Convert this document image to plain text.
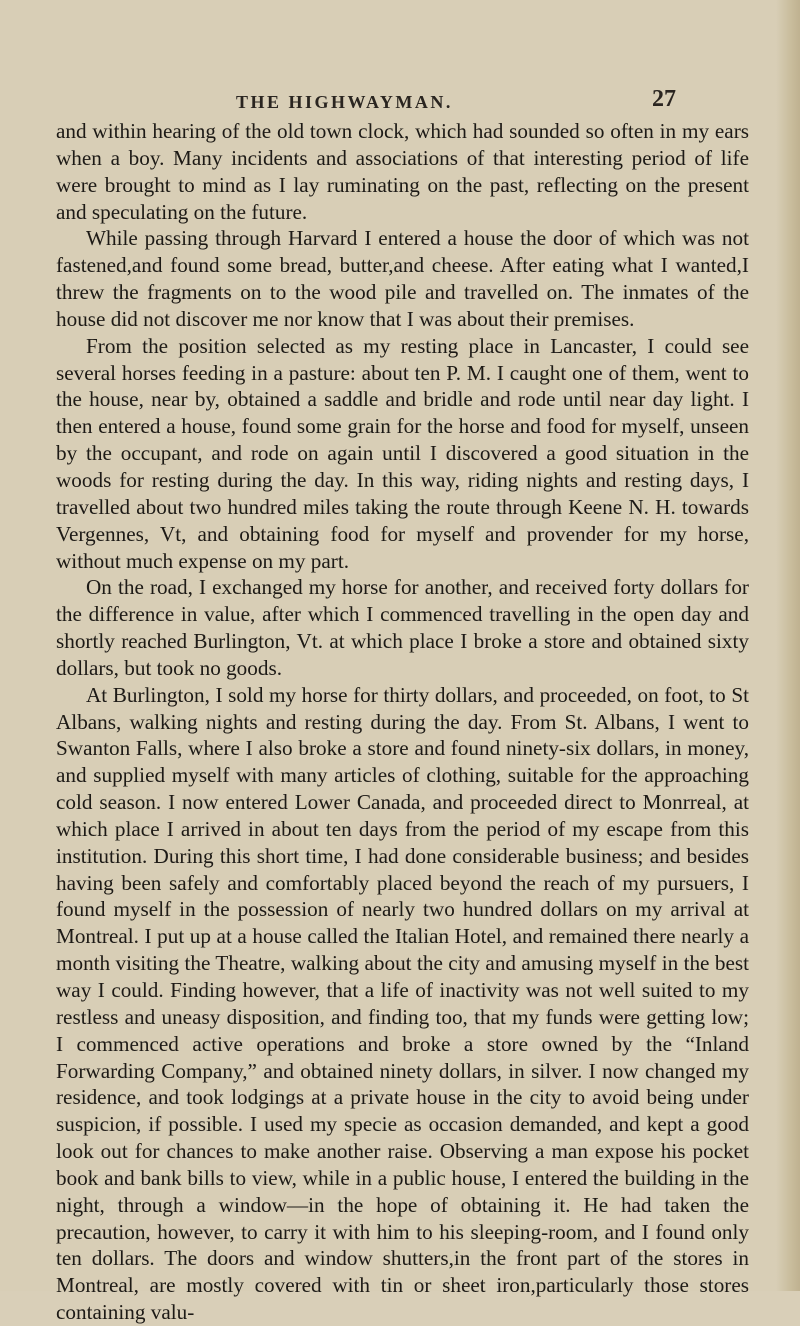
THE HIGHWAYMAN.	27

and within hearing of the old town clock, which had sounded so often in my ears when a boy. Many incidents and associations of that interesting period of life were brought to mind as I lay ruminating on the past, reflecting on the present and speculating on the future.

While passing through Harvard I entered a house the door of which was not fastened,and found some bread, butter,and cheese. After eating what I wanted,I threw the fragments on to the wood pile and travelled on. The inmates of the house did not discover me nor know that I was about their premises.

From the position selected as my resting place in Lancaster, I could see several horses feeding in a pasture: about ten P. M. I caught one of them, went to the house, near by, obtained a saddle and bridle and rode until near day light. I then entered a house, found some grain for the horse and food for myself, unseen by the occupant, and rode on again until I discovered a good situation in the woods for resting during the day. In this way, riding nights and resting days, I travelled about two hundred miles taking the route through Keene N. H. towards Vergennes, Vt, and obtaining food for myself and provender for my horse, without much expense on my part.

On the road, I exchanged my horse for another, and received forty dollars for the difference in value, after which I commenced travelling in the open day and shortly reached Burlington, Vt. at which place I broke a store and obtained sixty dollars, but took no goods.

At Burlington, I sold my horse for thirty dollars, and proceeded, on foot, to St Albans, walking nights and resting during the day. From St. Albans, I went to Swanton Falls, where I also broke a store and found ninety-six dollars, in money, and supplied myself with many articles of clothing, suitable for the approaching cold season. I now entered Lower Canada, and proceeded direct to Monrreal, at which place I arrived in about ten days from the period of my escape from this institution. During this short time, I had done considerable business; and besides having been safely and comfortably placed beyond the reach of my pursuers, I found myself in the possession of nearly two hundred dollars on my arrival at Montreal. I put up at a house called the Italian Hotel, and remained there nearly a month visiting the Theatre, walking about the city and amusing myself in the best way I could. Finding however, that a life of inactivity was not well suited to my restless and uneasy disposition, and finding too, that my funds were getting low; I commenced active operations and broke a store owned by the “Inland Forwarding Company,” and obtained ninety dollars, in silver. I now changed my residence, and took lodgings at a private house in the city to avoid being under suspicion, if possible. I used my specie as occasion demanded, and kept a good look out for chances to make another raise. Observing a man expose his pocket book and bank bills to view, while in a public house, I entered the building in the night, through a window—in the hope of obtaining it. He had taken the precaution, however, to carry it with him to his sleeping-room, and I found only ten dollars. The doors and window shutters,in the front part of the stores in Montreal, are mostly covered with tin or sheet iron,particularly those stores containing valu-
